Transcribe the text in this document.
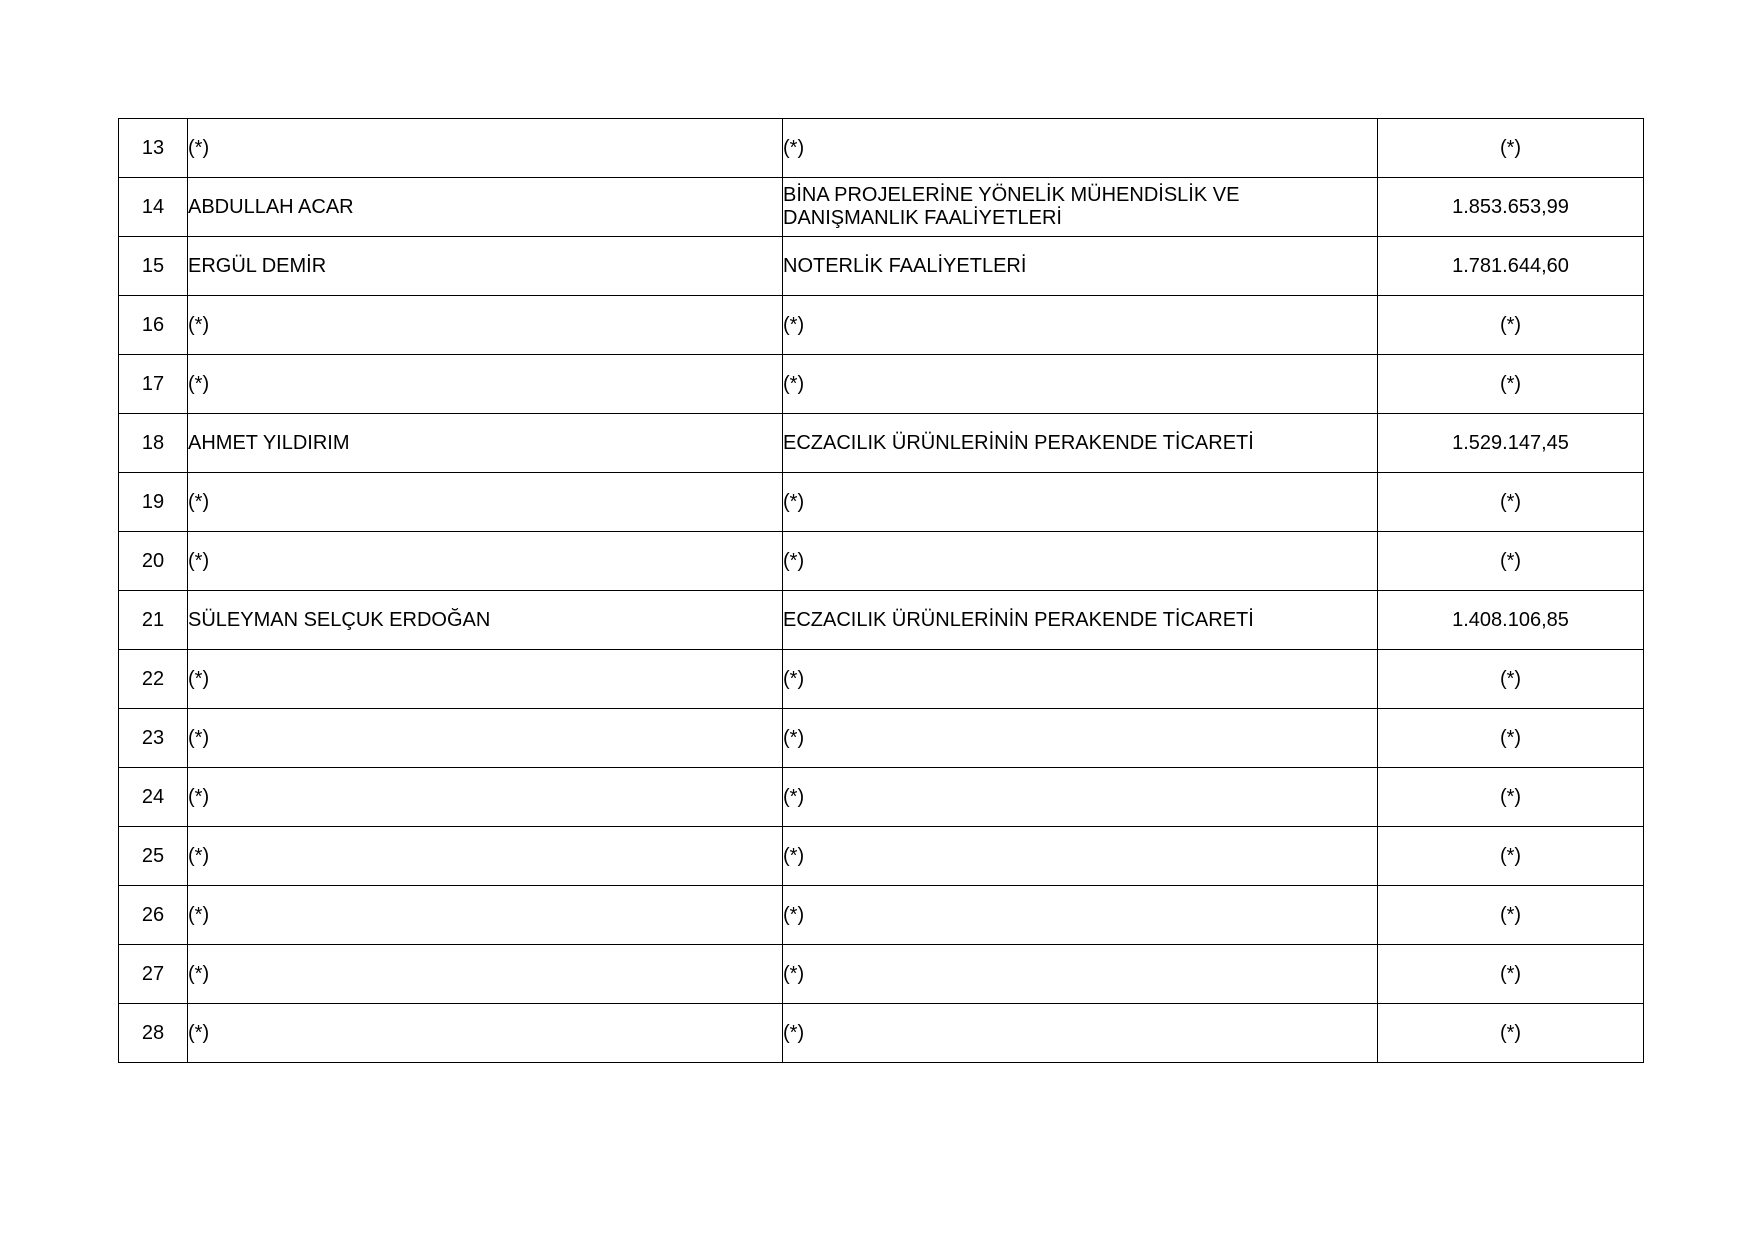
13	(*)	(*)	(*)
14	ABDULLAH ACAR	BİNA PROJELERİNE YÖNELİK MÜHENDİSLİK VE DANIŞMANLIK FAALİYETLERİ	1.853.653,99
15	ERGÜL DEMİR	NOTERLİK FAALİYETLERİ	1.781.644,60
16	(*)	(*)	(*)
17	(*)	(*)	(*)
18	AHMET YILDIRIM	ECZACILIK ÜRÜNLERİNİN PERAKENDE TİCARETİ	1.529.147,45
19	(*)	(*)	(*)
20	(*)	(*)	(*)
21	SÜLEYMAN SELÇUK ERDOĞAN	ECZACILIK ÜRÜNLERİNİN PERAKENDE TİCARETİ	1.408.106,85
22	(*)	(*)	(*)
23	(*)	(*)	(*)
24	(*)	(*)	(*)
25	(*)	(*)	(*)
26	(*)	(*)	(*)
27	(*)	(*)	(*)
28	(*)	(*)	(*)
